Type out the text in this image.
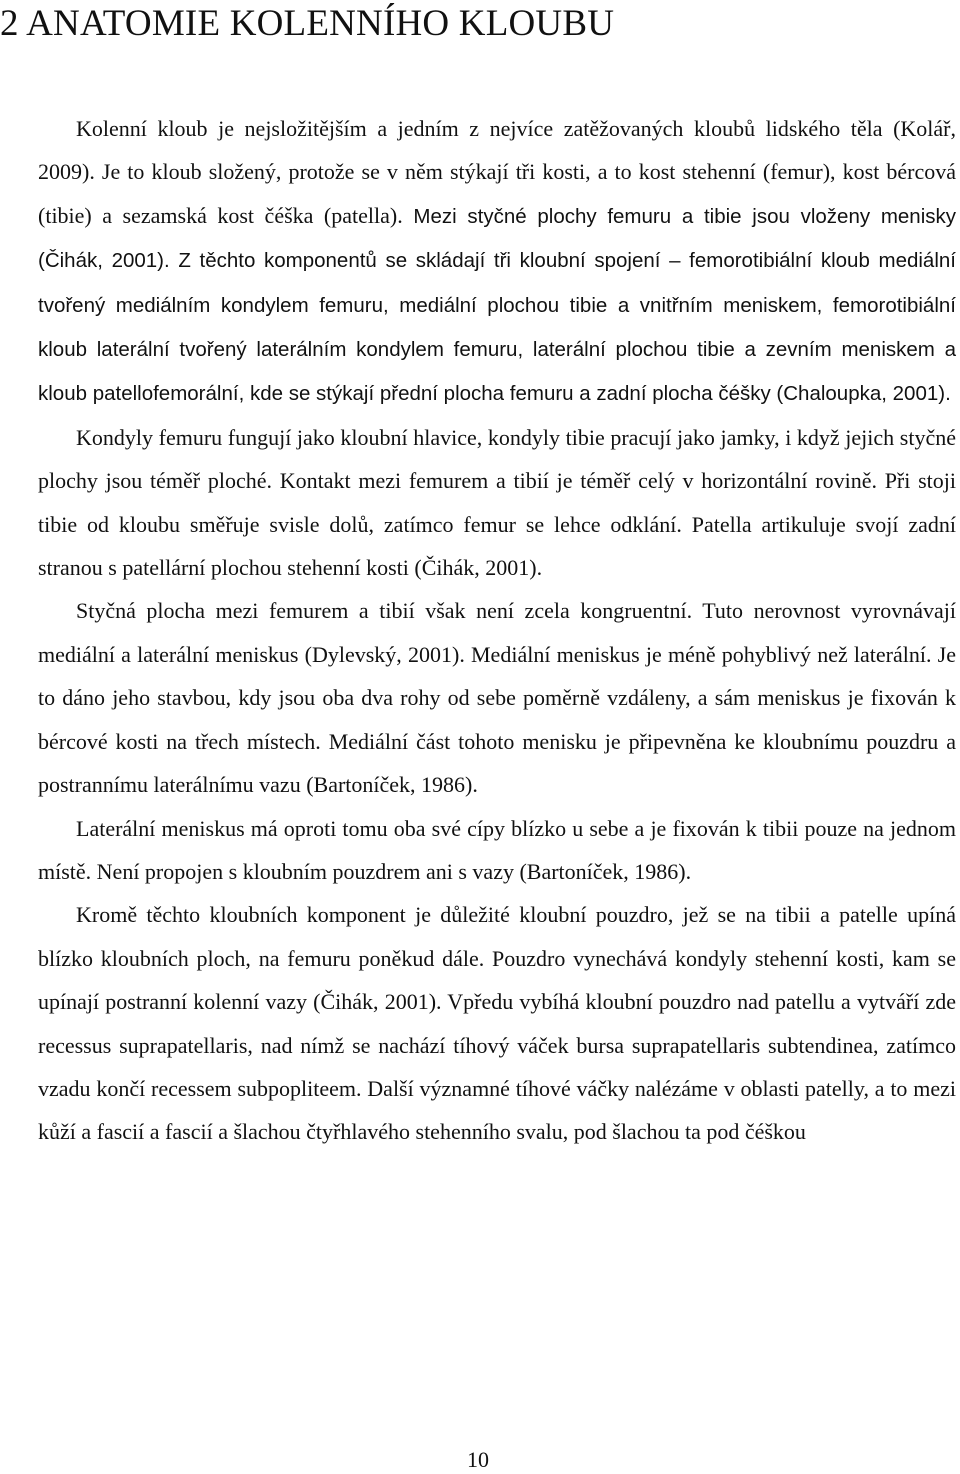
2 ANATOMIE KOLENNÍHO KLOUBU

Kolenní kloub je nejsložitějším a jedním z nejvíce zatěžovaných kloubů lidského těla (Kolář, 2009). Je to kloub složený, protože se v něm stýkají tři kosti, a to kost stehenní (femur), kost bércová (tibie) a sezamská kost čéška (patella). Mezi styčné plochy femuru a tibie jsou vloženy menisky (Čihák, 2001). Z těchto komponentů se skládají tři kloubní spojení – femorotibiální kloub mediální tvořený mediálním kondylem femuru, mediální plochou tibie a vnitřním meniskem, femorotibiální kloub laterální tvořený laterálním kondylem femuru, laterální plochou tibie a zevním meniskem a kloub patellofemorální, kde se stýkají přední plocha femuru a zadní plocha čéšky (Chaloupka, 2001).

Kondyly femuru fungují jako kloubní hlavice, kondyly tibie pracují jako jamky, i když jejich styčné plochy jsou téměř ploché. Kontakt mezi femurem a tibií je téměř celý v horizontální rovině. Při stoji tibie od kloubu směřuje svisle dolů, zatímco femur se lehce odklání. Patella artikuluje svojí zadní stranou s patellární plochou stehenní kosti (Čihák, 2001).

Styčná plocha mezi femurem a tibií však není zcela kongruentní. Tuto nerovnost vyrovnávají mediální a laterální meniskus (Dylevský, 2001). Mediální meniskus je méně pohyblivý než laterální. Je to dáno jeho stavbou, kdy jsou oba dva rohy od sebe poměrně vzdáleny, a sám meniskus je fixován k bércové kosti na třech místech. Mediální část tohoto menisku je připevněna ke kloubnímu pouzdru a postrannímu laterálnímu vazu (Bartoníček, 1986).

Laterální meniskus má oproti tomu oba své cípy blízko u sebe a je fixován k tibii pouze na jednom místě. Není propojen s kloubním pouzdrem ani s vazy (Bartoníček, 1986).

Kromě těchto kloubních komponent je důležité kloubní pouzdro, jež se na tibii a patelle upíná blízko kloubních ploch, na femuru poněkud dále. Pouzdro vynechává kondyly stehenní kosti, kam se upínají postranní kolenní vazy (Čihák, 2001). Vpředu vybíhá kloubní pouzdro nad patellu a vytváří zde recessus suprapatellaris, nad nímž se nachází tíhový váček bursa suprapatellaris subtendinea, zatímco vzadu končí recessem subpopliteem. Další významné tíhové váčky nalézáme v oblasti patelly, a to mezi kůží a fascií a fascií a šlachou čtyřhlavého stehenního svalu, pod šlachou ta pod čéškou

10
